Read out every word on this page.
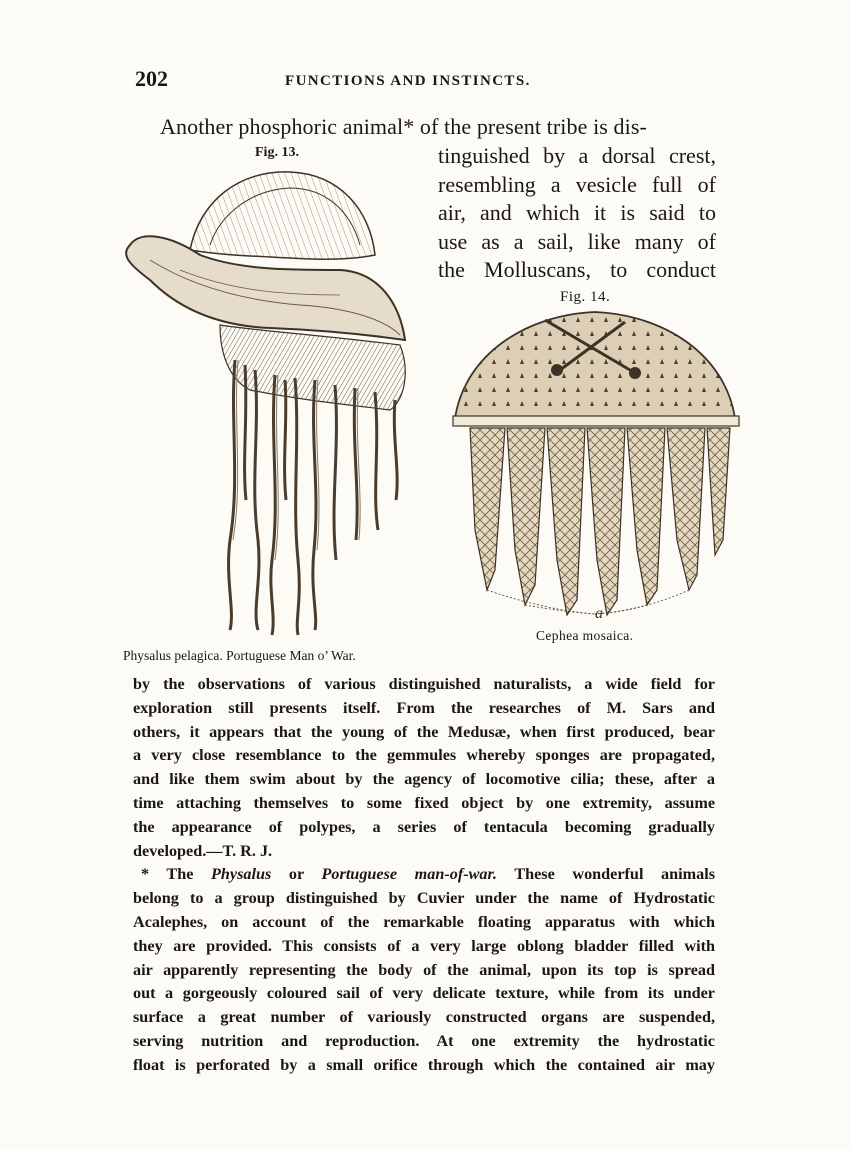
202	FUNCTIONS AND INSTINCTS.
Another phosphoric animal* of the present tribe is dis-
tinguished by a dorsal crest,
resembling a vesicle full of
air, and which it is said to
use as a sail, like many of
the Molluscans, to conduct
Fig. 13.
Fig. 14.
a
Physalus pelagica. Portuguese Man o’ War.
Cephea mosaica.
by the observations of various distinguished naturalists, a wide field for
exploration still presents itself. From the researches of M. Sars and
others, it appears that the young of the Medusæ, when first produced, bear
a very close resemblance to the gemmules whereby sponges are propagated,
and like them swim about by the agency of locomotive cilia; these, after a
time attaching themselves to some fixed object by one extremity, assume
the appearance of polypes, a series of tentacula becoming gradually
developed.—T. R. J.
* The Physalus or Portuguese man-of-war. These wonderful animals
belong to a group distinguished by Cuvier under the name of Hydrostatic
Acalephes, on account of the remarkable floating apparatus with which
they are provided. This consists of a very large oblong bladder filled with
air apparently representing the body of the animal, upon its top is spread
out a gorgeously coloured sail of very delicate texture, while from its under
surface a great number of variously constructed organs are suspended,
serving nutrition and reproduction. At one extremity the hydrostatic
float is perforated by a small orifice through which the contained air may
